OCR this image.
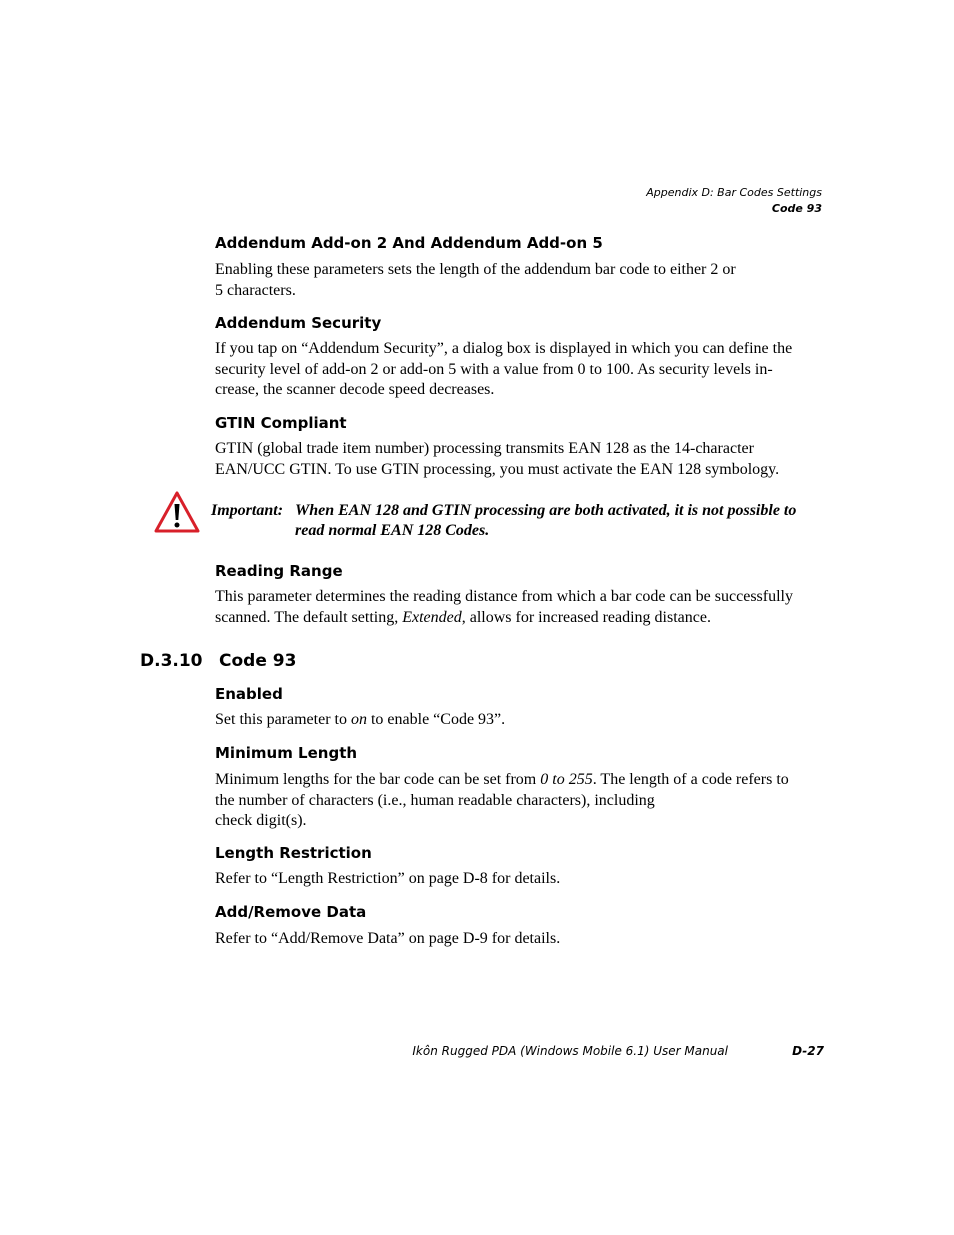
Appendix D: Bar Codes Settings
Code 93
Addendum Add-on 2 And Addendum Add-on 5
Enabling these parameters sets the length of the addendum bar code to either 2 or
5 characters.
Addendum Security
If you tap on “Addendum Security”, a dialog box is displayed in which you can define the
security level of add-on 2 or add-on 5 with a value from 0 to 100. As security levels in-
crease, the scanner decode speed decreases.
GTIN Compliant
GTIN (global trade item number) processing transmits EAN 128 as the 14-character
EAN/UCC GTIN. To use GTIN processing, you must activate the EAN 128 symbology.
Important: When EAN 128 and GTIN processing are both activated, it is not possible to
read normal EAN 128 Codes.
Reading Range
This parameter determines the reading distance from which a bar code can be successfully
scanned. The default setting, Extended, allows for increased reading distance.
D.3.10 Code 93
Enabled
Set this parameter to on to enable “Code 93”.
Minimum Length
Minimum lengths for the bar code can be set from 0 to 255. The length of a code refers to
the number of characters (i.e., human readable characters), including
check digit(s).
Length Restriction
Refer to “Length Restriction” on page D-8 for details.
Add/Remove Data
Refer to “Add/Remove Data” on page D-9 for details.
Ikôn Rugged PDA (Windows Mobile 6.1) User Manual	D-27
